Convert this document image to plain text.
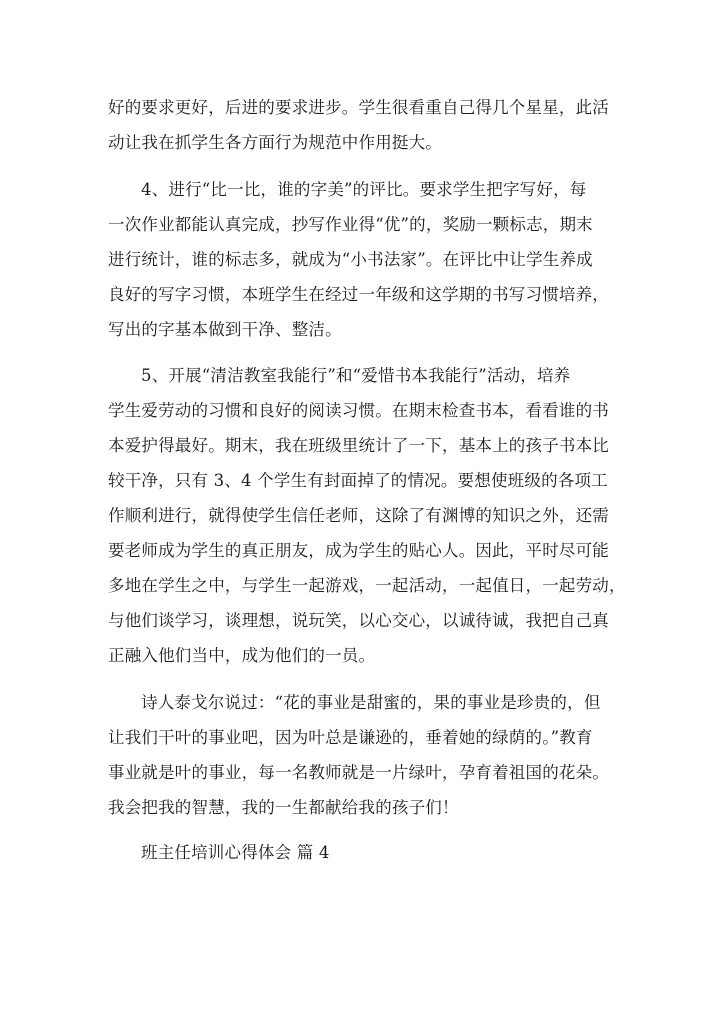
好的要求更好，后进的要求进步。学生很看重自己得几个星星，此活
动让我在抓学生各方面行为规范中作用挺大。
4、进行“比一比，谁的字美”的评比。要求学生把字写好，每
一次作业都能认真完成，抄写作业得“优”的，奖励一颗标志，期末
进行统计，谁的标志多，就成为“小书法家”。在评比中让学生养成
良好的写字习惯，本班学生在经过一年级和这学期的书写习惯培养，
写出的字基本做到干净、整洁。
5、开展“清洁教室我能行”和“爱惜书本我能行”活动，培养
学生爱劳动的习惯和良好的阅读习惯。在期末检查书本，看看谁的书
本爱护得最好。期末，我在班级里统计了一下，基本上的孩子书本比
较干净，只有 3、4 个学生有封面掉了的情况。要想使班级的各项工
作顺利进行，就得使学生信任老师，这除了有渊博的知识之外，还需
要老师成为学生的真正朋友，成为学生的贴心人。因此，平时尽可能
多地在学生之中，与学生一起游戏，一起活动，一起值日，一起劳动，
与他们谈学习，谈理想，说玩笑，以心交心，以诚待诚，我把自己真
正融入他们当中，成为他们的一员。
诗人泰戈尔说过：“花的事业是甜蜜的，果的事业是珍贵的，但
让我们干叶的事业吧，因为叶总是谦逊的，垂着她的绿荫的。”教育
事业就是叶的事业，每一名教师就是一片绿叶，孕育着祖国的花朵。
我会把我的智慧，我的一生都献给我的孩子们！
班主任培训心得体会 篇 4
